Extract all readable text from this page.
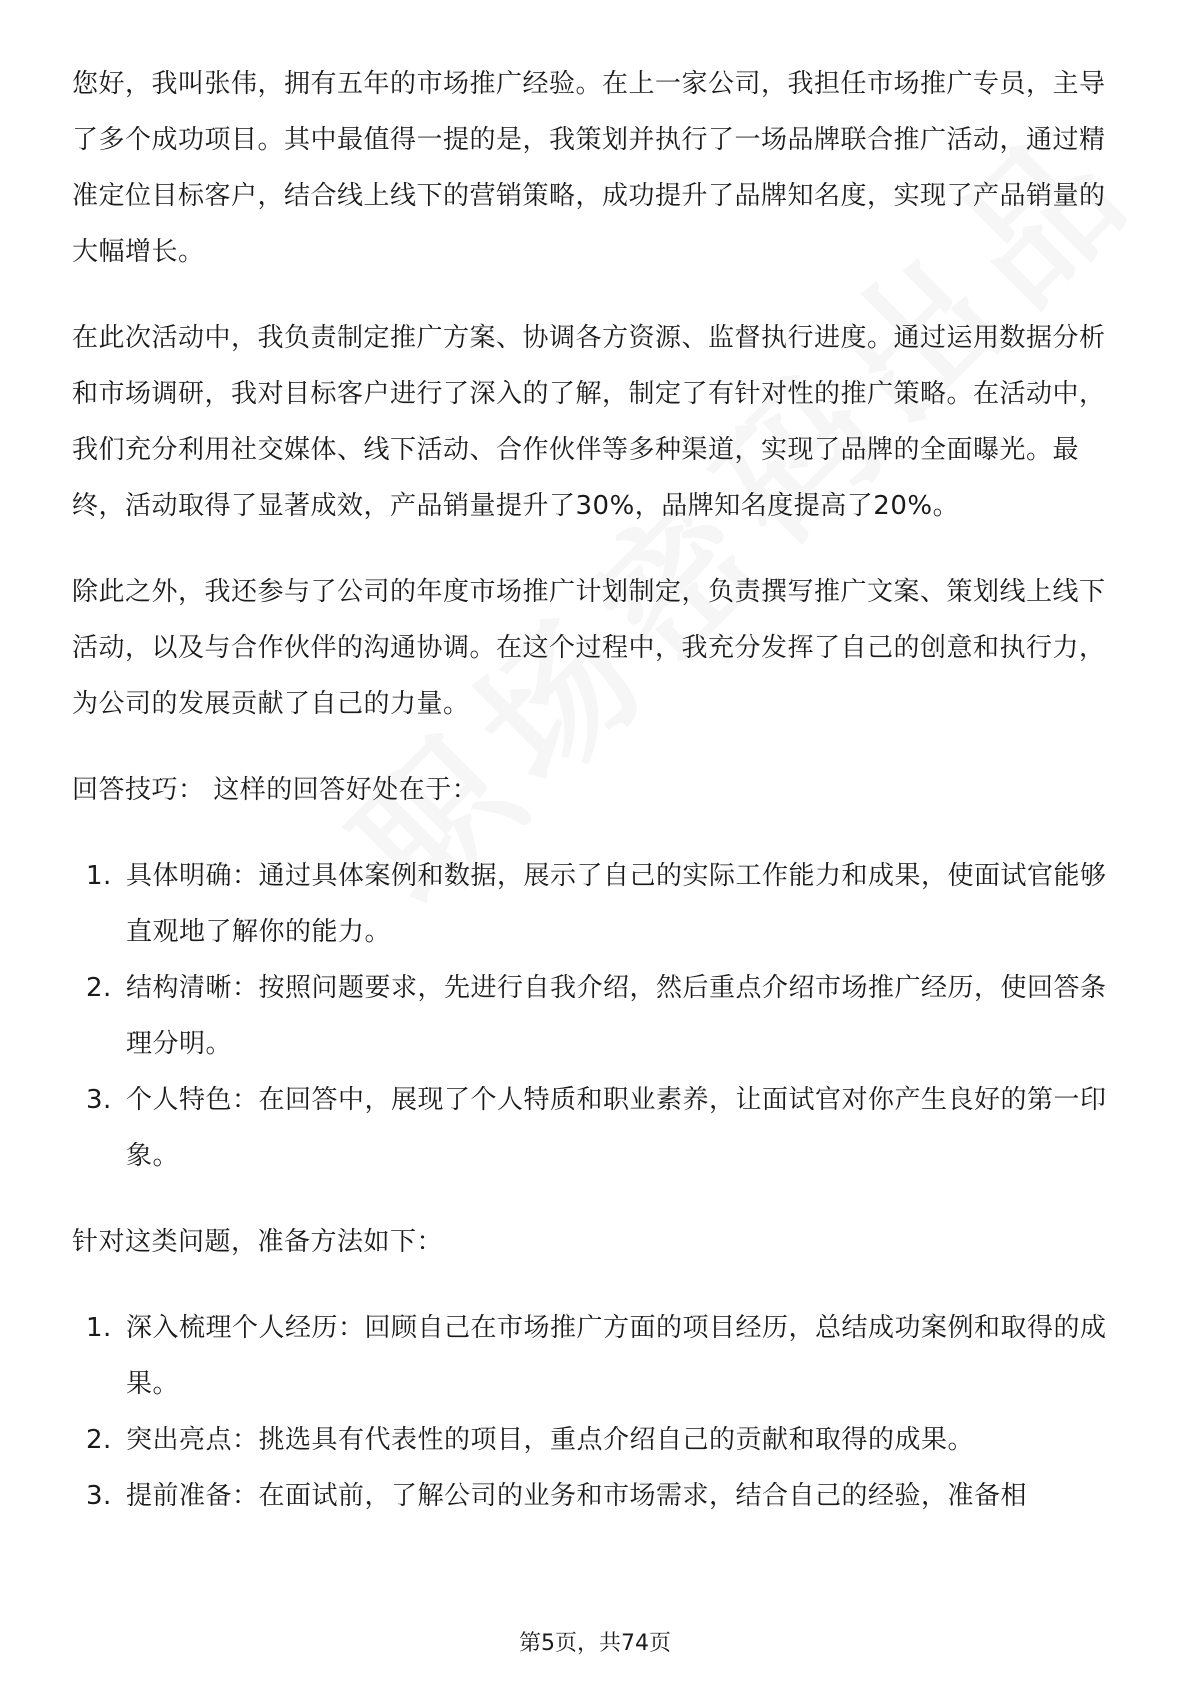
您好，我叫张伟，拥有五年的市场推广经验。在上一家公司，我担任市场推广专员，主导了多个成功项目。其中最值得一提的是，我策划并执行了一场品牌联合推广活动，通过精准定位目标客户，结合线上线下的营销策略，成功提升了品牌知名度，实现了产品销量的大幅增长。

在此次活动中，我负责制定推广方案、协调各方资源、监督执行进度。通过运用数据分析和市场调研，我对目标客户进行了深入的了解，制定了有针对性的推广策略。在活动中，我们充分利用社交媒体、线下活动、合作伙伴等多种渠道，实现了品牌的全面曝光。最终，活动取得了显著成效，产品销量提升了30%，品牌知名度提高了20%。

除此之外，我还参与了公司的年度市场推广计划制定，负责撰写推广文案、策划线上线下活动，以及与合作伙伴的沟通协调。在这个过程中，我充分发挥了自己的创意和执行力，为公司的发展贡献了自己的力量。

回答技巧： 这样的回答好处在于：

1. 具体明确：通过具体案例和数据，展示了自己的实际工作能力和成果，使面试官能够直观地了解你的能力。
2. 结构清晰：按照问题要求，先进行自我介绍，然后重点介绍市场推广经历，使回答条理分明。
3. 个人特色：在回答中，展现了个人特质和职业素养，让面试官对你产生良好的第一印象。

针对这类问题，准备方法如下：

1. 深入梳理个人经历：回顾自己在市场推广方面的项目经历，总结成功案例和取得的成果。
2. 突出亮点：挑选具有代表性的项目，重点介绍自己的贡献和取得的成果。
3. 提前准备：在面试前，了解公司的业务和市场需求，结合自己的经验，准备相
第5页，共74页
